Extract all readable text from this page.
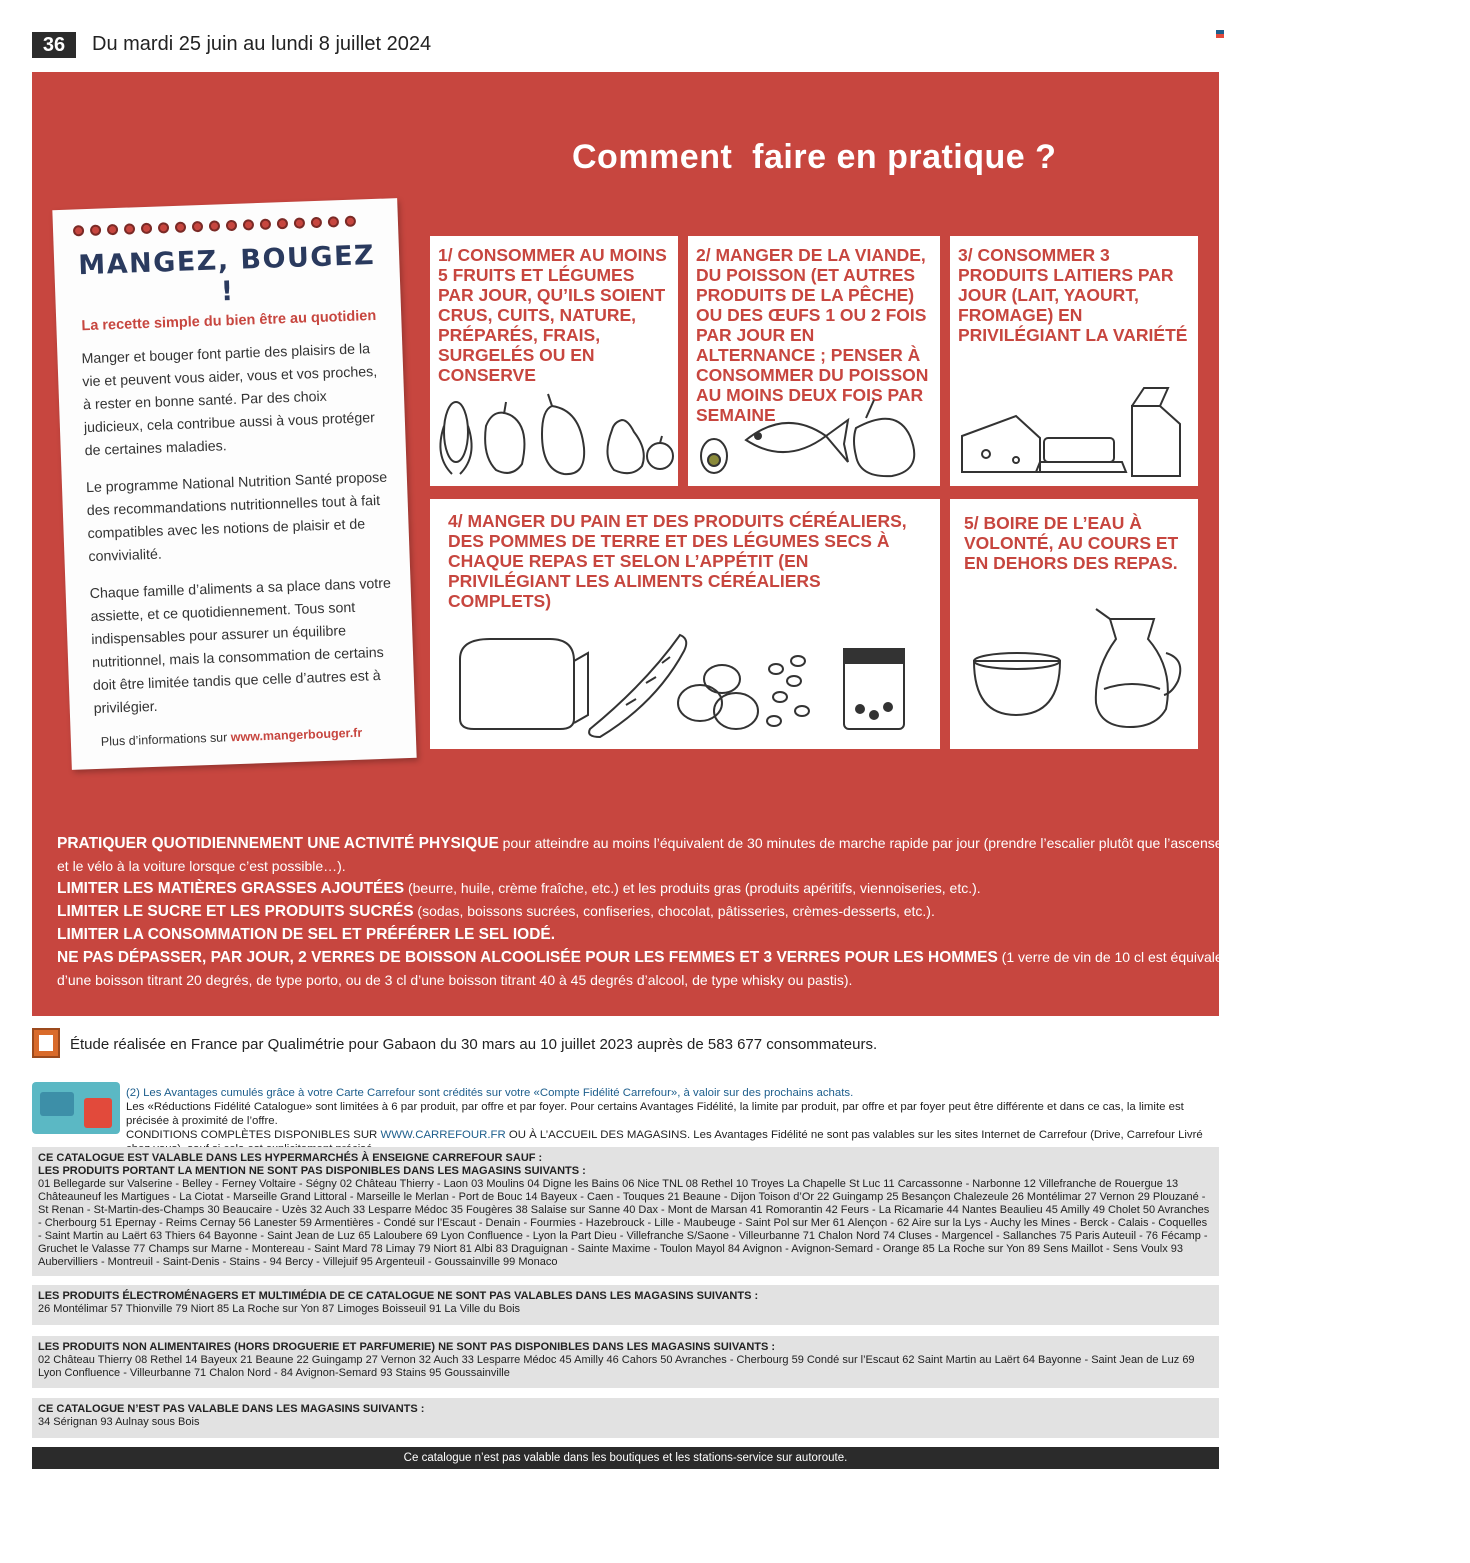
36	Du mardi 25 juin au lundi 8 juillet 2024
Comment  faire en pratique ?
MANGEZ, BOUGEZ !
La recette simple du bien être au quotidien
Manger et bouger font partie des plaisirs de la vie et peuvent vous aider, vous et vos proches, à rester en bonne santé. Par des choix judicieux, cela contribue aussi à vous protéger de certaines maladies.
Le programme National Nutrition Santé propose des recommandations nutritionnelles tout à fait compatibles avec les notions de plaisir et de convivialité.
Chaque famille d’aliments a sa place dans votre assiette, et ce quotidiennement. Tous sont indispensables pour assurer un équilibre nutritionnel, mais la consommation de certains doit être limitée tandis que celle d’autres est à privilégier.
Plus d’informations sur www.mangerbouger.fr
1/ CONSOMMER AU MOINS 5 FRUITS ET LÉGUMES PAR JOUR, QU’ILS SOIENT CRUS, CUITS, NATURE, PRÉPARÉS, FRAIS, SURGELÉS OU EN CONSERVE
2/ MANGER DE LA VIANDE, DU POISSON (ET AUTRES PRODUITS DE LA PÊCHE) OU DES ŒUFS 1 OU 2 FOIS PAR JOUR EN ALTERNANCE ; PENSER À CONSOMMER DU POISSON AU MOINS DEUX FOIS PAR SEMAINE
3/ CONSOMMER 3 PRODUITS LAITIERS PAR JOUR (LAIT, YAOURT, FROMAGE) EN PRIVILÉGIANT LA VARIÉTÉ
4/ MANGER DU PAIN ET DES PRODUITS CÉRÉALIERS, DES POMMES DE TERRE ET DES LÉGUMES SECS À CHAQUE REPAS ET SELON L’APPÉTIT (EN PRIVILÉGIANT LES ALIMENTS CÉRÉALIERS COMPLETS)
5/ BOIRE DE L’EAU À VOLONTÉ, AU COURS ET EN DEHORS DES REPAS.
PRATIQUER QUOTIDIENNEMENT UNE ACTIVITÉ PHYSIQUE pour atteindre au moins l’équivalent de 30 minutes de marche rapide par jour (prendre l’escalier plutôt que l’ascenseur, préférer la marche
et le vélo à la voiture lorsque c’est possible…).
LIMITER LES MATIÈRES GRASSES AJOUTÉES (beurre, huile, crème fraîche, etc.) et les produits gras (produits apéritifs, viennoiseries, etc.).
LIMITER LE SUCRE ET LES PRODUITS SUCRÉS (sodas, boissons sucrées, confiseries, chocolat, pâtisseries, crèmes-desserts, etc.).
LIMITER LA CONSOMMATION DE SEL ET PRÉFÉRER LE SEL IODÉ.
NE PAS DÉPASSER, PAR JOUR, 2 VERRES DE BOISSON ALCOOLISÉE POUR LES FEMMES ET 3 VERRES POUR LES HOMMES (1 verre de vin de 10 cl est équivalent à 1 demi de bière ou à 1 verre de 6 cl
d’une boisson titrant 20 degrés, de type porto, ou de 3 cl d’une boisson titrant 40 à 45 degrés d’alcool, de type whisky ou pastis).
Étude réalisée en France par Qualimétrie pour Gabaon du 30 mars au 10 juillet 2023 auprès de 583 677 consommateurs.
(2) Les Avantages cumulés grâce à votre Carte Carrefour sont crédités sur votre «Compte Fidélité Carrefour», à valoir sur des prochains achats.
Les «Réductions Fidélité Catalogue» sont limitées à 6 par produit, par offre et par foyer. Pour certains Avantages Fidélité, la limite par produit, par offre et par foyer peut être différente et dans ce cas, la limite est précisée à proximité de l’offre.
CONDITIONS COMPLÈTES DISPONIBLES SUR WWW.CARREFOUR.FR OU À L’ACCUEIL DES MAGASINS. Les Avantages Fidélité ne sont pas valables sur les sites Internet de Carrefour (Drive, Carrefour Livré
CE CATALOGUE EST VALABLE DANS LES HYPERMARCHÉS À ENSEIGNE CARREFOUR SAUF :
LES PRODUITS PORTANT LA MENTION NE SONT PAS DISPONIBLES DANS LES MAGASINS SUIVANTS :
01 Bellegarde sur Valserine - Belley - Ferney Voltaire - Ségny 02 Château Thierry - Laon 03 Moulins 04 Digne les Bains 06 Nice TNL 08 Rethel 10 Troyes La Chapelle St Luc 11 Carcassonne - Narbonne 12 Villefranche de Rouergue 13 Châteauneuf les Martigues - La Ciotat - Marseille Grand Littoral - Marseille le Merlan - Port de Bouc 14 Bayeux - Caen - Touques 21 Beaune - Dijon Toison d’Or 22 Guingamp 25 Besançon Chalezeule 26 Montélimar 27 Vernon 29 Plouzané - St Renan - St-Martin-des-Champs 30 Beaucaire - Uzès 32 Auch 33 Lesparre Médoc 35 Fougères 38 Salaise sur Sanne 40 Dax - Mont de Marsan 41 Romorantin 42 Feurs - La Ricamarie 44 Nantes Beaulieu 45 Amilly 49 Cholet 50 Avranches - Cherbourg 51 Epernay - Reims Cernay 56 Lanester 59 Armentières - Condé sur l’Escaut - Denain - Fourmies - Hazebrouck - Lille - Maubeuge - Saint Pol sur Mer 61 Alençon - 62 Aire sur la Lys - Auchy les Mines - Berck - Calais - Coquelles - Saint Martin au Laërt 63 Thiers 64 Bayonne - Saint Jean de Luz 65 Laloubere 69 Lyon Confluence - Lyon la Part Dieu - Villefranche S/Saone - Villeurbanne 71 Chalon Nord 74 Cluses - Margencel - Sallanches 75 Paris Auteuil - 76 Fécamp - Gruchet le Valasse 77 Champs sur Marne - Montereau - Saint Mard 78 Limay 79 Niort 81 Albi 83 Draguignan - Sainte Maxime - Toulon Mayol 84 Avignon - Avignon-Semard - Orange 85 La Roche sur Yon 89 Sens Maillot - Sens Voulx 93 Aubervilliers - Montreuil - Saint-Denis - Stains - 94 Bercy - Villejuif 95 Argenteuil - Goussainville 99 Monaco
LES PRODUITS ÉLECTROMÉNAGERS ET MULTIMÉDIA DE CE CATALOGUE NE SONT PAS VALABLES DANS LES MAGASINS SUIVANTS :
26 Montélimar 57 Thionville 79 Niort 85 La Roche sur Yon 87 Limoges Boisseuil 91 La Ville du Bois
LES PRODUITS NON ALIMENTAIRES (HORS DROGUERIE ET PARFUMERIE) NE SONT PAS DISPONIBLES DANS LES MAGASINS SUIVANTS :
02 Château Thierry 08 Rethel 14 Bayeux 21 Beaune 22 Guingamp 27 Vernon 32 Auch 33 Lesparre Médoc 45 Amilly 46 Cahors 50 Avranches - Cherbourg 59 Condé sur l’Escaut 62 Saint Martin au Laërt 64 Bayonne - Saint Jean de Luz 69 Lyon Confluence - Villeurbanne 71 Chalon Nord - 84 Avignon-Semard 93 Stains 95 Goussainville
CE CATALOGUE N’EST PAS VALABLE DANS LES MAGASINS SUIVANTS :
34 Sérignan 93 Aulnay sous Bois
Ce catalogue n’est pas valable dans les boutiques et les stations-service sur autoroute.
